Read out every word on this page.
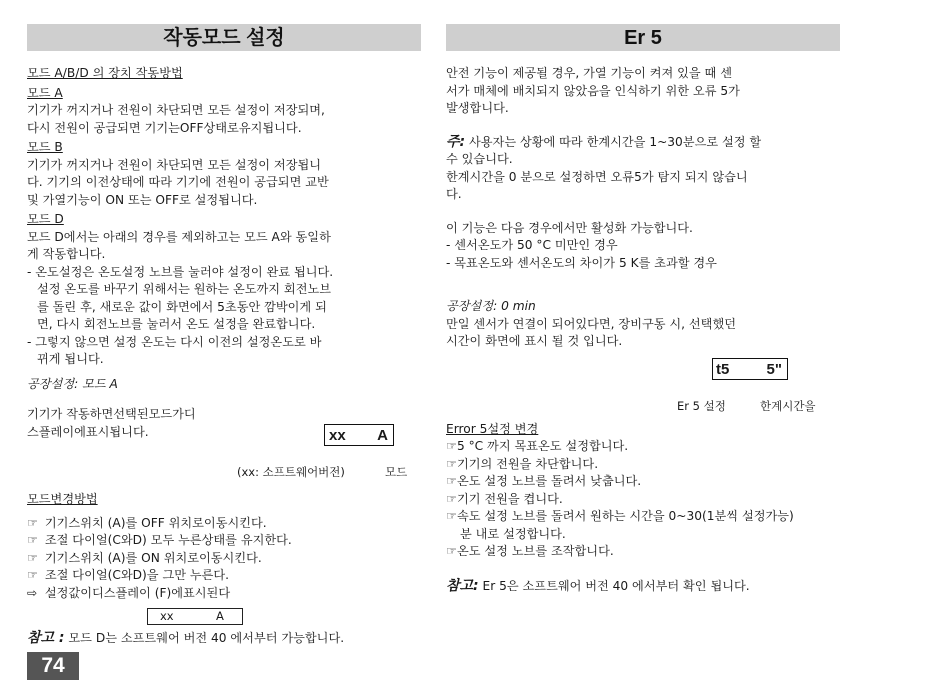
작동모드 설정

모드 A/B/D 의 장치 작동방법

모드 A

기기가 꺼지거나 전원이 차단되면 모든 설정이 저장되며,

다시 전원이 공급되면 기기는OFF상태로유지됩니다.

모드 B

기기가 꺼지거나 전원이 차단되면 모든 설정이 저장됩니

다. 기기의 이전상태에 따라 기기에 전원이 공급되면 교반

및 가열기능이 ON 또는 OFF로 설정됩니다.

모드 D

모드 D에서는 아래의 경우를 제외하고는 모드 A와 동일하

게 작동합니다.

- 온도설정은 온도설정 노브를 눌러야 설정이 완료 됩니다.

설정 온도를 바꾸기 위해서는 원하는 온도까지 회전노브

를 돌린 후, 새로운 값이 화면에서 5초동안 깜박이게 되

면, 다시 회전노브를 눌러서 온도 설정을 완료합니다.

- 그렇지 않으면 설정 온도는 다시 이전의 설정온도로 바

뀌게 됩니다.

공장설정: 모드 A

기기가 작동하면선택된모드가디

스플레이에표시됩니다.	xx A
(xx: 소프트웨어버전)	모드

모드변경방법

☞ 기기스위치 (A)를 OFF 위치로이동시킨다.

☞ 조절 다이얼(C와D) 모두 누른상태를 유지한다.

☞ 기기스위치 (A)를 ON 위치로이동시킨다.

☞ 조절 다이얼(C와D)을 그만 누른다.

⇨ 설정값이디스플레이 (F)에표시된다

xx	A

참고 : 모드 D는 소프트웨어 버전 40 에서부터 가능합니다.

74
Er 5

안전 기능이 제공될 경우, 가열 기능이 켜져 있을 때 센

서가 매체에 배치되지 않았음을 인식하기 위한 오류 5가

발생합니다.

주: 사용자는 상황에 따라 한계시간을 1~30분으로 설정 할

수 있습니다.

한계시간을 0 분으로 설정하면 오류5가 탐지 되지 않습니

다.

이 기능은 다음 경우에서만 활성화 가능합니다.

- 센서온도가 50 °C 미만인 경우

- 목표온도와 센서온도의 차이가 5 K를 초과할 경우

공장설정: 0 min

만일 센서가 연결이 되어있다면, 장비구동 시, 선택했던

시간이 화면에 표시 될 것 입니다.

t5 5"
Er 5 설정	한계시간을

Error 5설정 변경

☞5 °C 까지 목표온도 설정합니다.

☞기기의 전원을 차단합니다.

☞온도 설정 노브를 돌려서 낮춥니다.

☞기기 전원을 켭니다.

☞속도 설정 노브를 돌려서 원하는 시간을 0~30(1분씩 설정가능)

분 내로 설정합니다.

☞온도 설정 노브를 조작합니다.

참고: Er 5은 소프트웨어 버전 40 에서부터 확인 됩니다.
